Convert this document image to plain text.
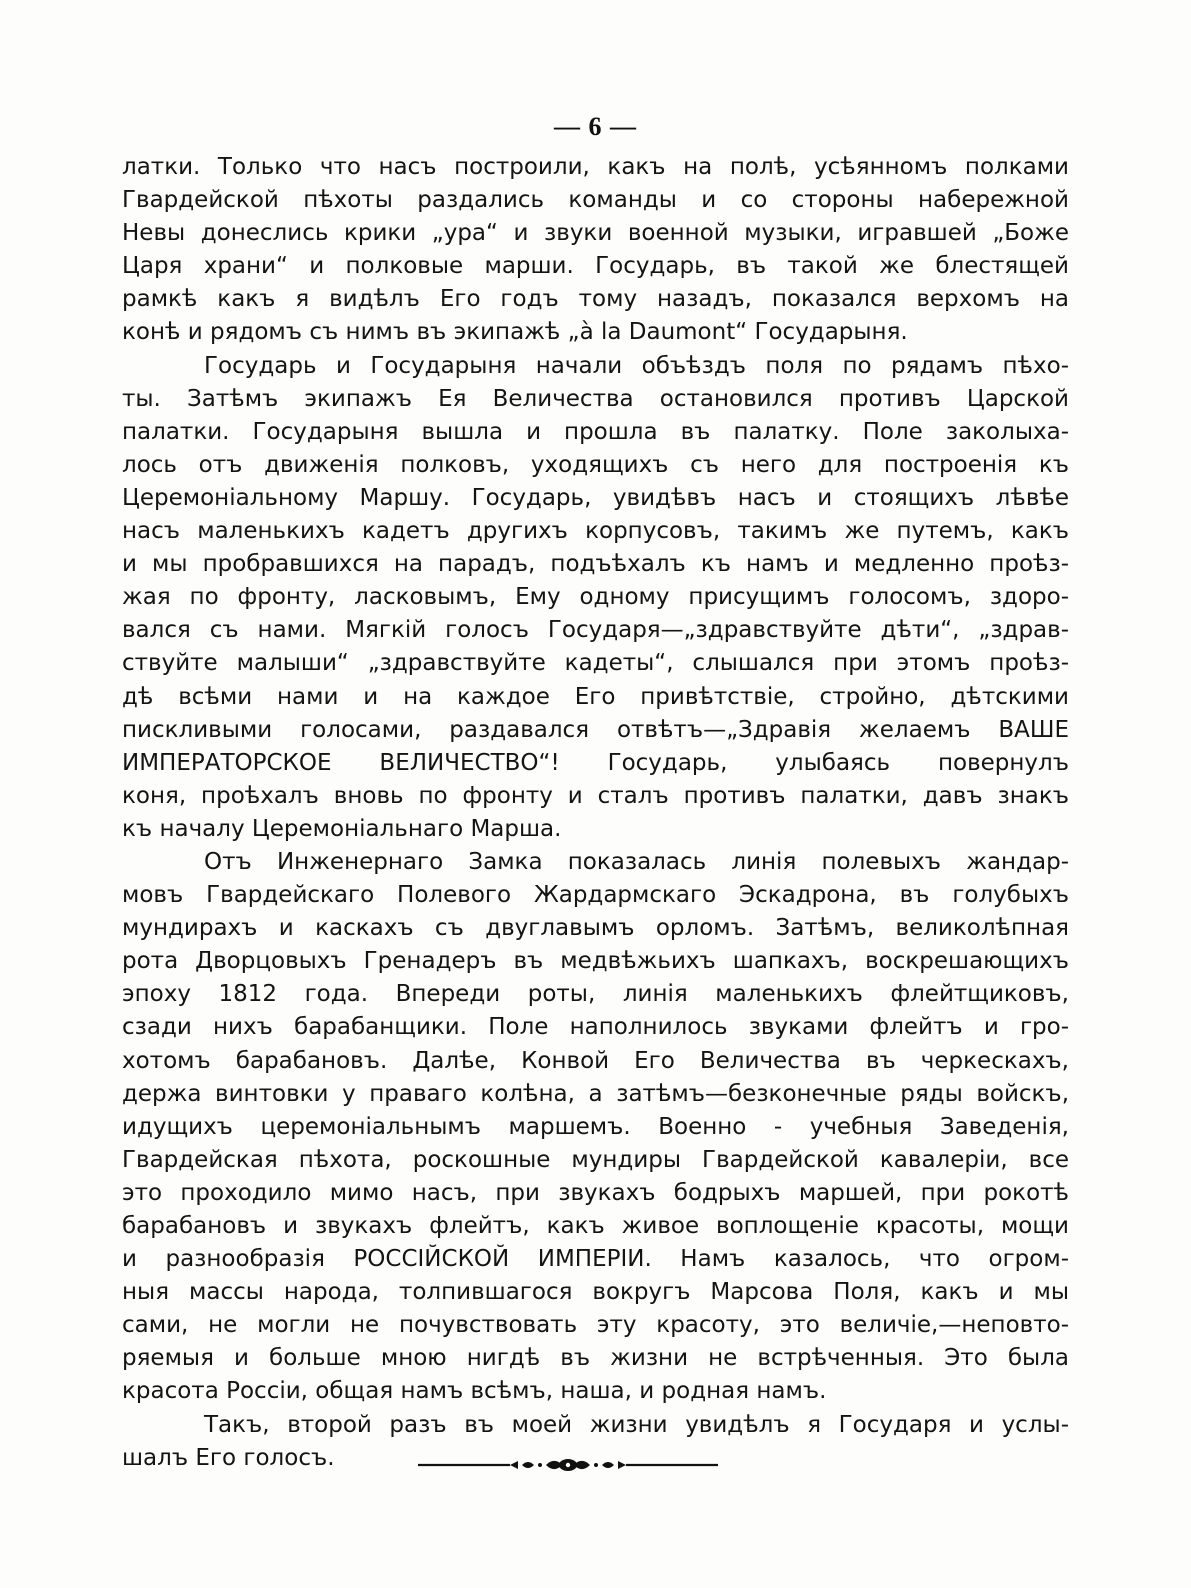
— 6 —
латки. Только что насъ построили, какъ на полѣ, усѣянномъ полками
Гвардейской пѣхоты раздались команды и со стороны набережной
Невы донеслись крики „ура“ и звуки военной музыки, игравшей „Боже
Царя храни“ и полковые марши. Государь, въ такой же блестящей
рамкѣ какъ я видѣлъ Его годъ тому назадъ, показался верхомъ на
конѣ и рядомъ съ нимъ въ экипажѣ „à la Daumont“ Государыня.
Государь и Государыня начали объѣздъ поля по рядамъ пѣхо-
ты. Затѣмъ экипажъ Ея Величества остановился противъ Царской
палатки. Государыня вышла и прошла въ палатку. Поле заколыха-
лось отъ движенія полковъ, уходящихъ съ него для построенія къ
Церемоніальному Маршу. Государь, увидѣвъ насъ и стоящихъ лѣвѣе
насъ маленькихъ кадетъ другихъ корпусовъ, такимъ же путемъ, какъ
и мы пробравшихся на парадъ, подъѣхалъ къ намъ и медленно проѣз-
жая по фронту, ласковымъ, Ему одному присущимъ голосомъ, здоро-
вался съ нами. Мягкій голосъ Государя—„здравствуйте дѣти“, „здрав-
ствуйте малыши“ „здравствуйте кадеты“, слышался при этомъ проѣз-
дѣ всѣми нами и на каждое Его привѣтствіе, стройно, дѣтскими
пискливыми голосами, раздавался отвѣтъ—„Здравія желаемъ ВАШЕ
ИМПЕРАТОРСКОЕ ВЕЛИЧЕСТВО“! Государь, улыбаясь повернулъ
коня, проѣхалъ вновь по фронту и сталъ противъ палатки, давъ знакъ
къ началу Церемоніальнаго Марша.
Отъ Инженернаго Замка показалась линія полевыхъ жандар-
мовъ Гвардейскаго Полевого Жардармскаго Эскадрона, въ голубыхъ
мундирахъ и каскахъ съ двуглавымъ орломъ. Затѣмъ, великолѣпная
рота Дворцовыхъ Гренадеръ въ медвѣжьихъ шапкахъ, воскрешающихъ
эпоху 1812 года. Впереди роты, линія маленькихъ флейтщиковъ,
сзади нихъ барабанщики. Поле наполнилось звуками флейтъ и гро-
хотомъ барабановъ. Далѣе, Конвой Его Величества въ черкескахъ,
держа винтовки у праваго колѣна, а затѣмъ—безконечные ряды войскъ,
идущихъ церемоніальнымъ маршемъ. Военно - учебныя Заведенія,
Гвардейская пѣхота, роскошные мундиры Гвардейской кавалеріи, все
это проходило мимо насъ, при звукахъ бодрыхъ маршей, при рокотѣ
барабановъ и звукахъ флейтъ, какъ живое воплощеніе красоты, мощи
и разнообразія РОССІЙСКОЙ ИМПЕРІИ. Намъ казалось, что огром-
ныя массы народа, толпившагося вокругъ Марсова Поля, какъ и мы
сами, не могли не почувствовать эту красоту, это величіе,—неповто-
ряемыя и больше мною нигдѣ въ жизни не встрѣченныя. Это была
красота Россіи, общая намъ всѣмъ, наша, и родная намъ.
Такъ, второй разъ въ моей жизни увидѣлъ я Государя и услы-
шалъ Его голосъ.
